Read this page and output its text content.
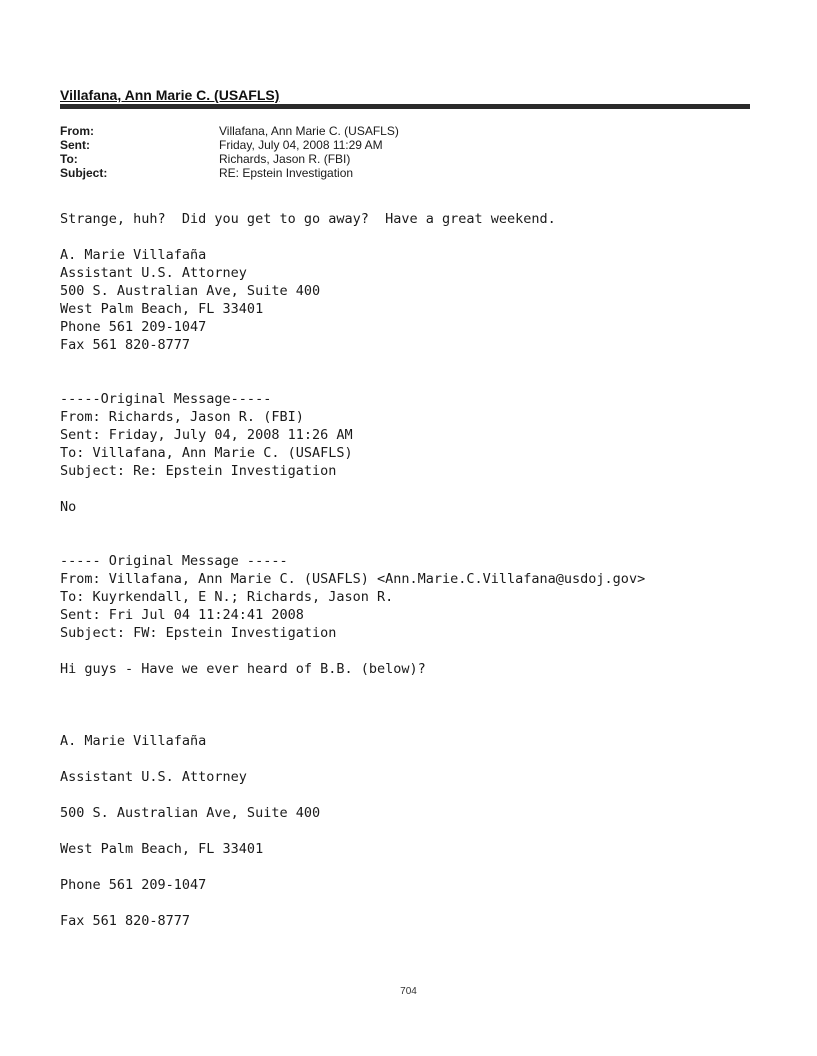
Villafana, Ann Marie C. (USAFLS)
From:	Villafana, Ann Marie C. (USAFLS)
Sent:	Friday, July 04, 2008 11:29 AM
To:	Richards, Jason R. (FBI)
Subject:	RE: Epstein Investigation
Strange, huh?  Did you get to go away?  Have a great weekend.
A. Marie Villafaña
Assistant U.S. Attorney
500 S. Australian Ave, Suite 400
West Palm Beach, FL 33401
Phone 561 209-1047
Fax 561 820-8777
-----Original Message-----
From: Richards, Jason R. (FBI)
Sent: Friday, July 04, 2008 11:26 AM
To: Villafana, Ann Marie C. (USAFLS)
Subject: Re: Epstein Investigation
No
----- Original Message -----
From: Villafana, Ann Marie C. (USAFLS) <Ann.Marie.C.Villafana@usdoj.gov>
To: Kuyrkendall, E N.; Richards, Jason R.
Sent: Fri Jul 04 11:24:41 2008
Subject: FW: Epstein Investigation
Hi guys - Have we ever heard of B.B. (below)?
A. Marie Villafaña
Assistant U.S. Attorney
500 S. Australian Ave, Suite 400
West Palm Beach, FL 33401
Phone 561 209-1047
Fax 561 820-8777
704
